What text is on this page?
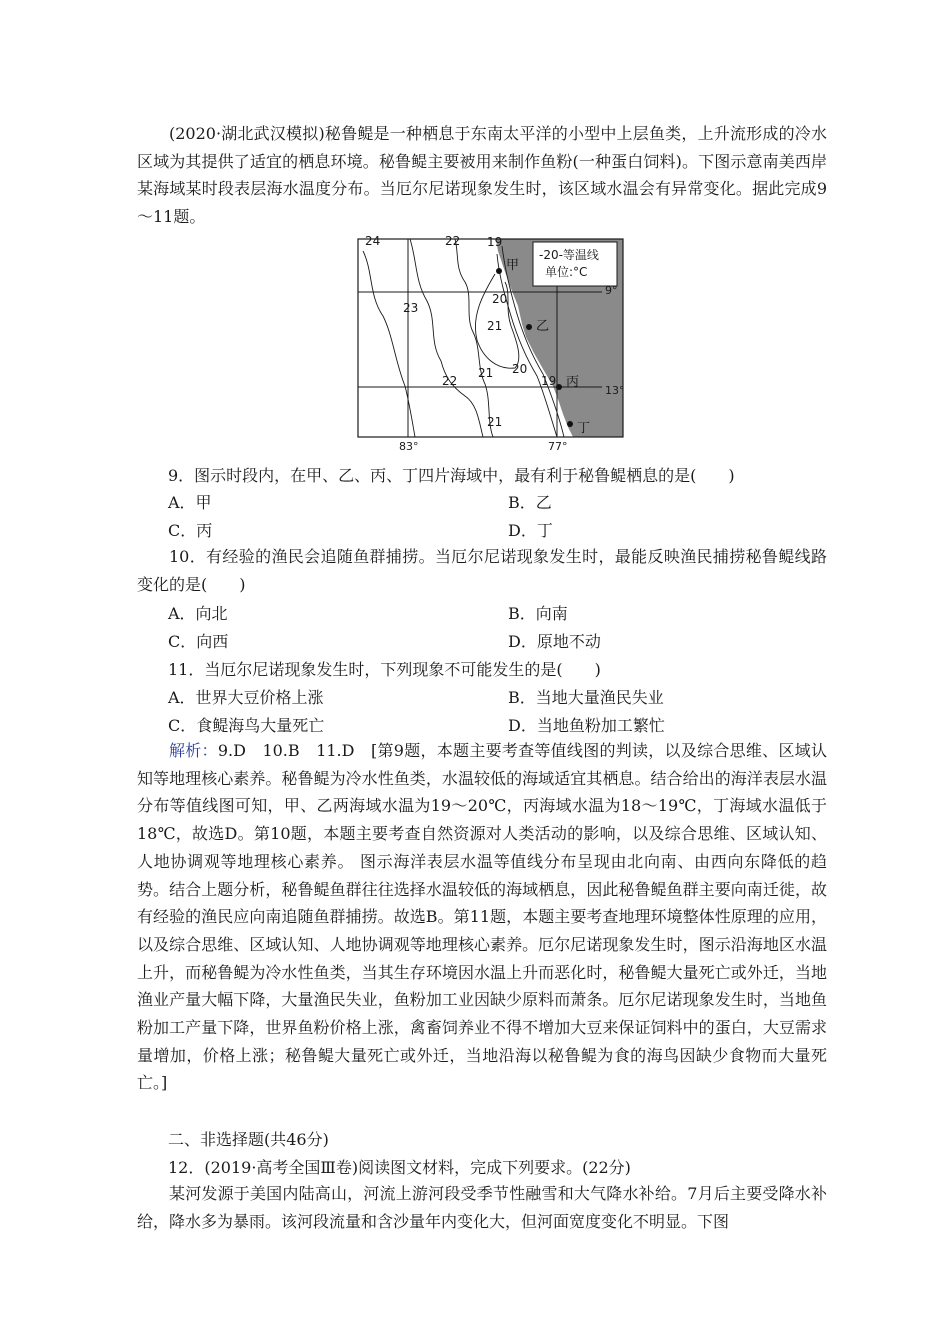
(2020·湖北武汉模拟)秘鲁鳀是一种栖息于东南太平洋的小型中上层鱼类，上升流形成的冷水区域为其提供了适宜的栖息环境。秘鲁鳀主要被用来制作鱼粉(一种蛋白饲料)。下图示意南美西岸某海域某时段表层海水温度分布。当厄尔尼诺现象发生时，该区域水温会有异常变化。据此完成9～11题。

-20-等温线
单位:°C
24	22 19
20
23
21
21 20
22	19
21
甲
乙
丙
丁
9°
13°
83°	77°
9．图示时段内，在甲、乙、丙、丁四片海域中，最有利于秘鲁鳀栖息的是(　　)
A．甲	B．乙
C．丙	D．丁

10．有经验的渔民会追随鱼群捕捞。当厄尔尼诺现象发生时，最能反映渔民捕捞秘鲁鳀线路变化的是(　　)

A．向北	B．向南
C．向西	D．原地不动
11．当厄尔尼诺现象发生时，下列现象不可能发生的是(　　)
A．世界大豆价格上涨	B．当地大量渔民失业
C．食鳀海鸟大量死亡	D．当地鱼粉加工繁忙

解析：9.D　10.B　11.D　[第9题，本题主要考查等值线图的判读，以及综合思维、区域认知等地理核心素养。秘鲁鳀为冷水性鱼类，水温较低的海域适宜其栖息。结合给出的海洋表层水温分布等值线图可知，甲、乙两海域水温为19～20℃，丙海域水温为18～19℃，丁海域水温低于18℃，故选D。第10题，本题主要考查自然资源对人类活动的影响，以及综合思维、区域认知、人地协调观等地理核心素养。 图示海洋表层水温等值线分布呈现由北向南、由西向东降低的趋势。结合上题分析，秘鲁鳀鱼群往往选择水温较低的海域栖息，因此秘鲁鳀鱼群主要向南迁徙，故有经验的渔民应向南追随鱼群捕捞。故选B。第11题，本题主要考查地理环境整体性原理的应用，以及综合思维、区域认知、人地协调观等地理核心素养。厄尔尼诺现象发生时，图示沿海地区水温上升，而秘鲁鳀为冷水性鱼类，当其生存环境因水温上升而恶化时，秘鲁鳀大量死亡或外迁，当地渔业产量大幅下降，大量渔民失业，鱼粉加工业因缺少原料而萧条。厄尔尼诺现象发生时，当地鱼粉加工产量下降，世界鱼粉价格上涨，禽畜饲养业不得不增加大豆来保证饲料中的蛋白，大豆需求量增加，价格上涨；秘鲁鳀大量死亡或外迁，当地沿海以秘鲁鳀为食的海鸟因缺少食物而大量死亡。]

二、非选择题(共46分)
12．(2019·高考全国Ⅲ卷)阅读图文材料，完成下列要求。(22分)

某河发源于美国内陆高山，河流上游河段受季节性融雪和大气降水补给。7月后主要受降水补给，降水多为暴雨。该河段流量和含沙量年内变化大，但河面宽度变化不明显。下图
